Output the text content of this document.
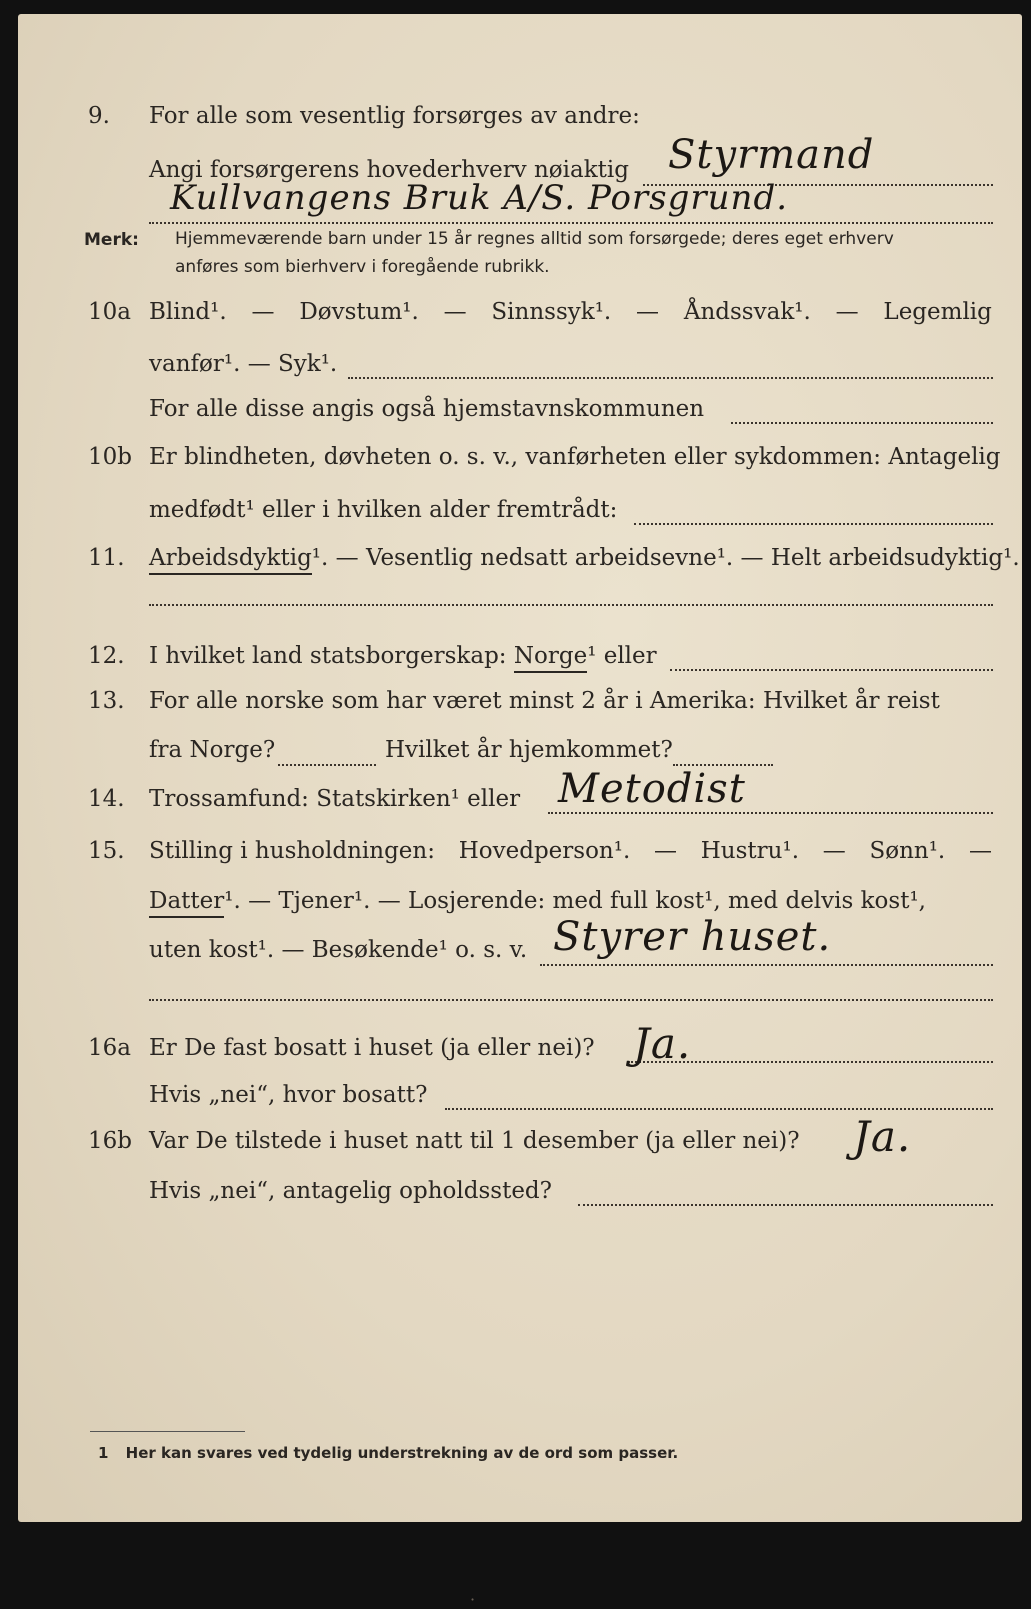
9. For alle som vesentlig forsørges av andre:
Angi forsørgerens hovederhverv nøiaktig Styrmand
Kullvangens Bruk A/S. Porsgrund.
Merk: Hjemmeværende barn under 15 år regnes alltid som forsørgede; deres eget erhverv
anføres som bierhverv i foregående rubrikk.
10a Blind¹. — Døvstum¹. — Sinnssyk¹. — Åndssvak¹. — Legemlig
vanfør¹. — Syk¹.
For alle disse angis også hjemstavnskommunen
10b Er blindheten, døvheten o. s. v., vanførheten eller sykdommen: Antagelig
medfødt¹ eller i hvilken alder fremtrådt:
11. Arbeidsdyktig¹. — Vesentlig nedsatt arbeidsevne¹. — Helt arbeidsudyktig¹.
12. I hvilket land statsborgerskap: Norge¹ eller
13. For alle norske som har været minst 2 år i Amerika: Hvilket år reist
fra Norge?	Hvilket år hjemkommet?
14. Trossamfund: Statskirken¹ eller Metodist
15. Stilling i husholdningen: Hovedperson¹. — Hustru¹. — Sønn¹. —
Datter¹. — Tjener¹. — Losjerende: med full kost¹, med delvis kost¹,
uten kost¹. — Besøkende¹ o. s. v. Styrer huset.
16a Er De fast bosatt i huset (ja eller nei)? Ja.
Hvis „nei“, hvor bosatt?
16b Var De tilstede i huset natt til 1 desember (ja eller nei)? Ja.
Hvis „nei“, antagelig opholdssted?
·
1 Her kan svares ved tydelig understrekning av de ord som passer.
